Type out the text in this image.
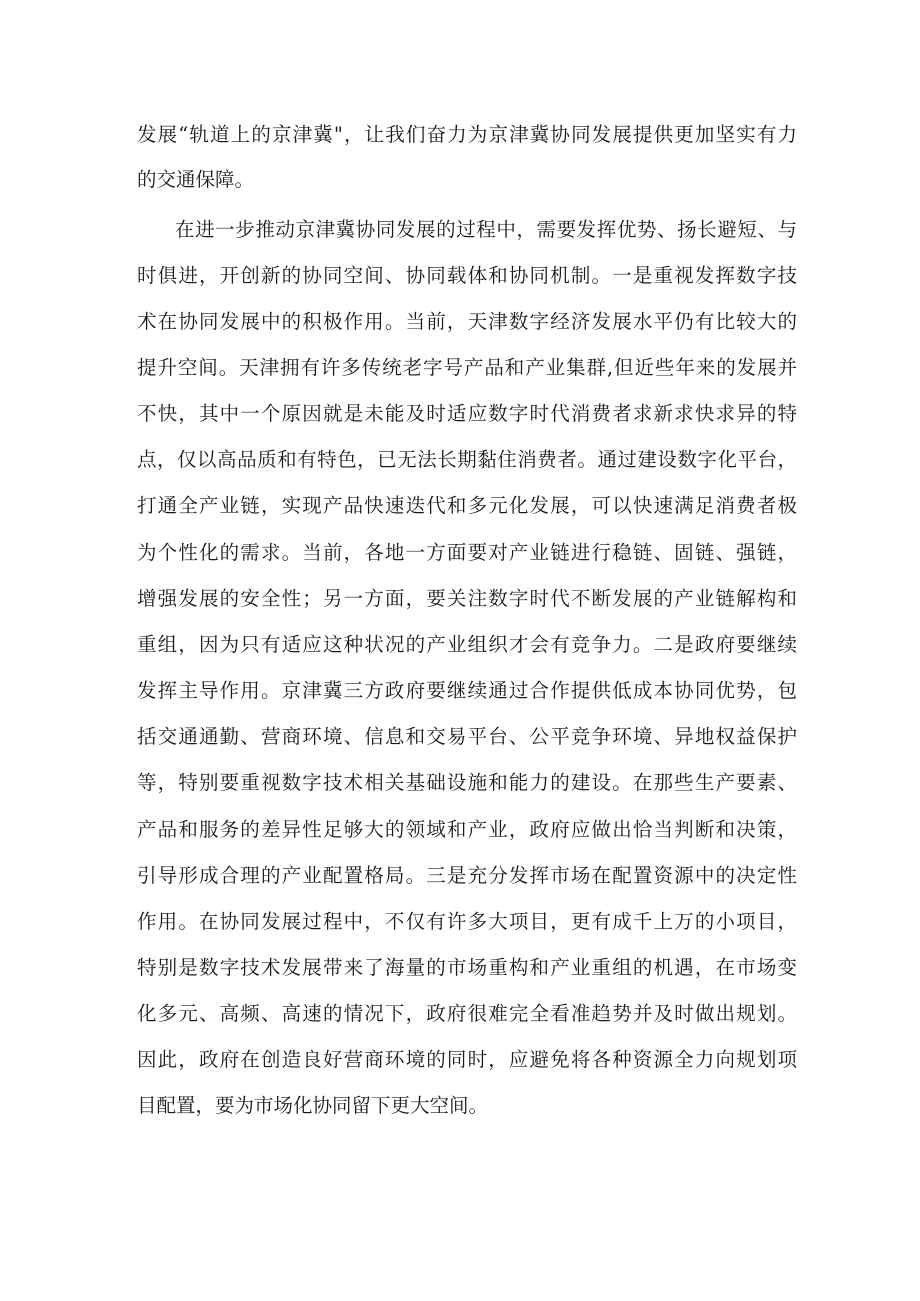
发展“轨道上的京津冀"，让我们奋力为京津冀协同发展提供更加坚实有力
的交通保障。
在进一步推动京津冀协同发展的过程中，需要发挥优势、扬长避短、与
时俱进，开创新的协同空间、协同载体和协同机制。一是重视发挥数字技
术在协同发展中的积极作用。当前，天津数字经济发展水平仍有比较大的
提升空间。天津拥有许多传统老字号产品和产业集群,但近些年来的发展并
不快，其中一个原因就是未能及时适应数字时代消费者求新求快求异的特
点，仅以高品质和有特色，已无法长期黏住消费者。通过建设数字化平台，
打通全产业链，实现产品快速迭代和多元化发展，可以快速满足消费者极
为个性化的需求。当前，各地一方面要对产业链进行稳链、固链、强链，
增强发展的安全性；另一方面，要关注数字时代不断发展的产业链解构和
重组，因为只有适应这种状况的产业组织才会有竞争力。二是政府要继续
发挥主导作用。京津冀三方政府要继续通过合作提供低成本协同优势，包
括交通通勤、营商环境、信息和交易平台、公平竞争环境、异地权益保护
等，特别要重视数字技术相关基础设施和能力的建设。在那些生产要素、
产品和服务的差异性足够大的领域和产业，政府应做出恰当判断和决策，
引导形成合理的产业配置格局。三是充分发挥市场在配置资源中的决定性
作用。在协同发展过程中，不仅有许多大项目，更有成千上万的小项目，
特别是数字技术发展带来了海量的市场重构和产业重组的机遇，在市场变
化多元、高频、高速的情况下，政府很难完全看准趋势并及时做出规划。
因此，政府在创造良好营商环境的同时，应避免将各种资源全力向规划项
目配置，要为市场化协同留下更大空间。
